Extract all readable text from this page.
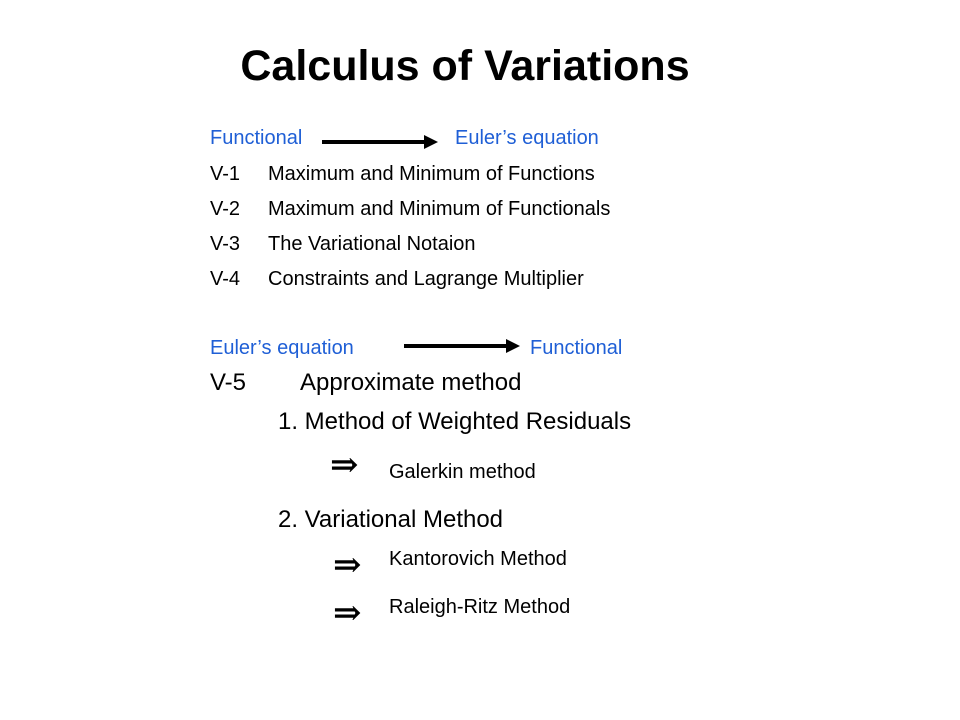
Calculus of Variations
Functional	Euler’s equation
V-1 Maximum and Minimum of Functions
V-2 Maximum and Minimum of Functionals
V-3 The Variational Notaion
V-4 Constraints and Lagrange Multiplier
Euler’s equation	Functional
V-5 Approximate method
1. Method of Weighted Residuals
⇒ Galerkin method
2. Variational Method
⇒ Kantorovich Method
⇒ Raleigh-Ritz Method
